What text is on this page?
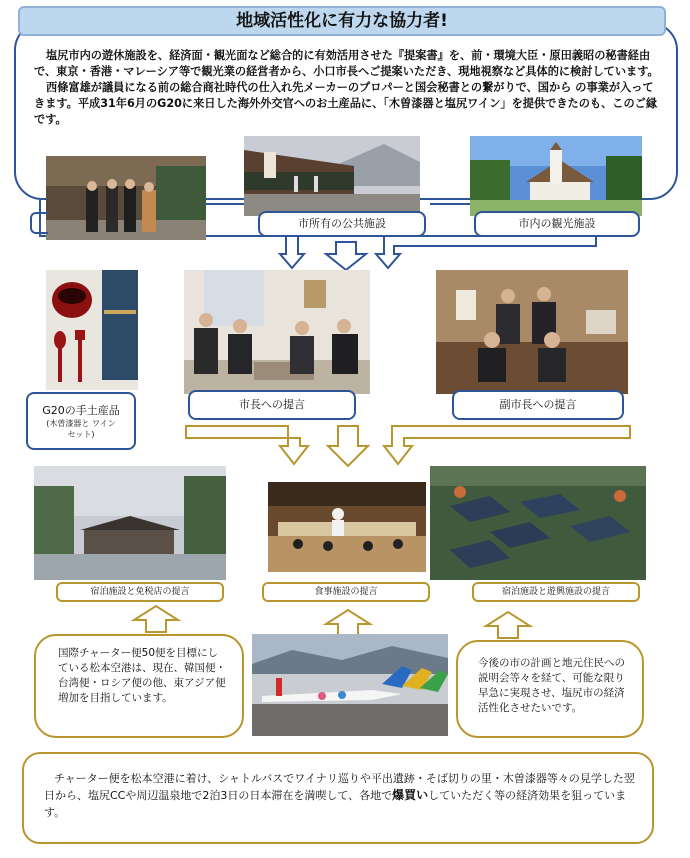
地域活性化に有力な協力者!

塩尻市内の遊休施設を、経済面・観光面など総合的に有効活用させた『提案書』を、前・環境大臣・原田義昭の秘書経由で、東京・香港・マレーシア等で観光業の経営者から、小口市長へご提案いただき、現地視察など具体的に検討しています。

西條富雄が議員になる前の総合商社時代の仕入れ先メーカーのプロパーと国会秘書との繋がりで、国から の事業が入ってきます。平成31年6月のG20に来日した海外外交官へのお土産品に、「木曽漆器と塩尻ワイン」を提供できたのも、このご縁です。

市所有の公共施設	市内の観光施設
G20の手土産品
(木曽漆器と ワインセット)
市長への提言	副市長への提言
宿泊施設と免税店の提言	食事施設の提言	宿泊施設と遊興施設の提言
国際チャーター便50便を目標にしている松本空港は、現在、韓国便・台湾便・ロシア便の他、東アジア便増加を目指しています。
今後の市の計画と地元住民への説明会等々を経て、可能な限り早急に実現させ、塩尻市の経済活性化させたいです。
チャーター便を松本空港に着け、シャトルバスでワイナリ巡りや平出遺跡・そば切りの里・木曽漆器等々の見学した翌日から、塩尻CCや周辺温泉地で2泊3日の日本滞在を満喫して、各地で爆買いしていただく等の経済効果を狙っています。
